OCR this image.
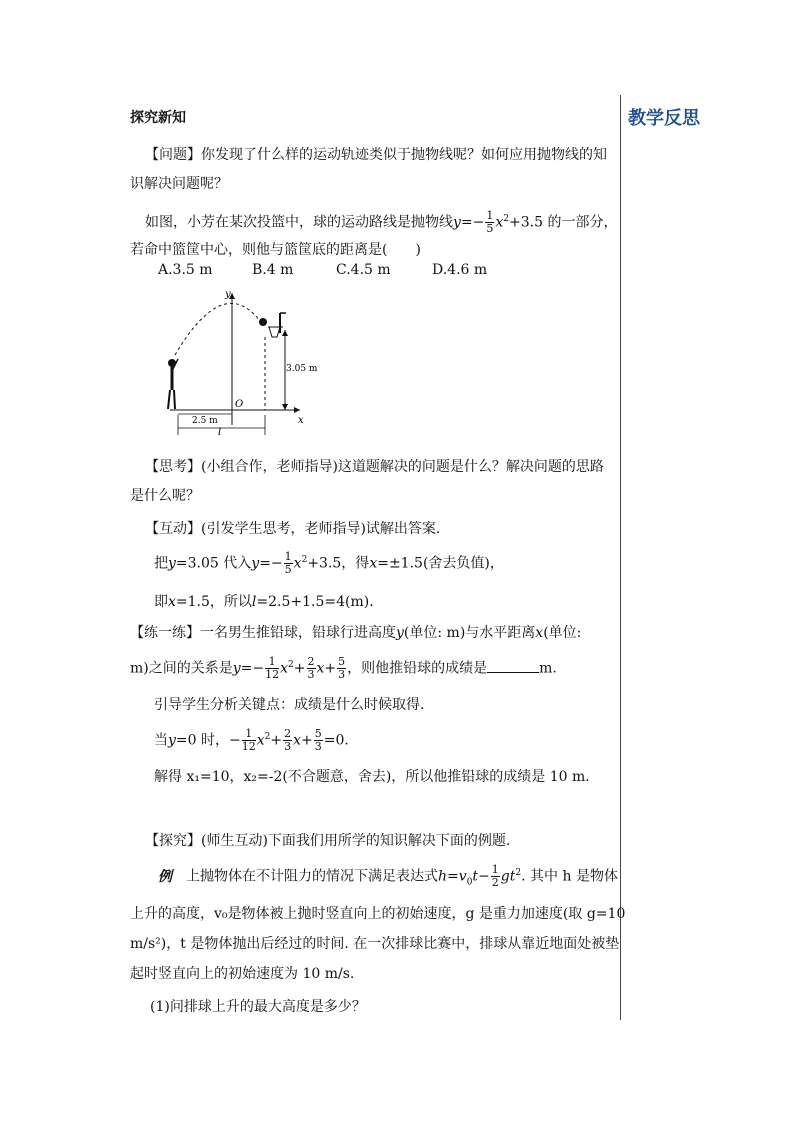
教学反思
探究新知
【问题】你发现了什么样的运动轨迹类似于抛物线呢？如何应用抛物线的知
识解决问题呢？
如图，小芳在某次投篮中，球的运动路线是抛物线$y=- \frac{1}{5} x^2+3.5$ 的一部分，
若命中篮筐中心，则他与篮筐底的距离是(　　)
A.3.5 m	B.4 m	C.4.5 m	D.4.6 m
y
x
O
3.05 m
2.5 m
l
【思考】(小组合作，老师指导)这道题解决的问题是什么？解决问题的思路
是什么呢？
【互动】(引发学生思考，老师指导)试解出答案.
把y=3.05 代入$y=- \frac{1}{5} x^2+3.5$，得x=±1.5(舍去负值)，
即x=1.5，所以l=2.5+1.5=4(m).
【练一练】一名男生推铅球，铅球行进高度y(单位: m)与水平距离x(单位:
m)之间的关系是$y=- \frac{1}{12} x^2+ \frac{2}{3} x+ \frac{5}{3}$ ，则他推铅球的成绩是	m.
引导学生分析关键点：成绩是什么时候取得.
当y=0 时，− $\frac{1}{12} x^2+ \frac{2}{3} x+ \frac{5}{3} =0$.
解得 x₁=10，x₂=-2(不合题意，舍去)，所以他推铅球的成绩是 10 m.
【探究】(师生互动)下面我们用所学的知识解决下面的例题.
例 上抛物体在不计阻力的情况下满足表达式$h=v_0t- \frac{1}{2} gt^2$. 其中 h 是物体
上升的高度，v₀是物体被上抛时竖直向上的初始速度，g 是重力加速度(取 g=10
m/s²)，t 是物体抛出后经过的时间. 在一次排球比赛中，排球从靠近地面处被垫
起时竖直向上的初始速度为 10 m/s.
(1)问排球上升的最大高度是多少？
